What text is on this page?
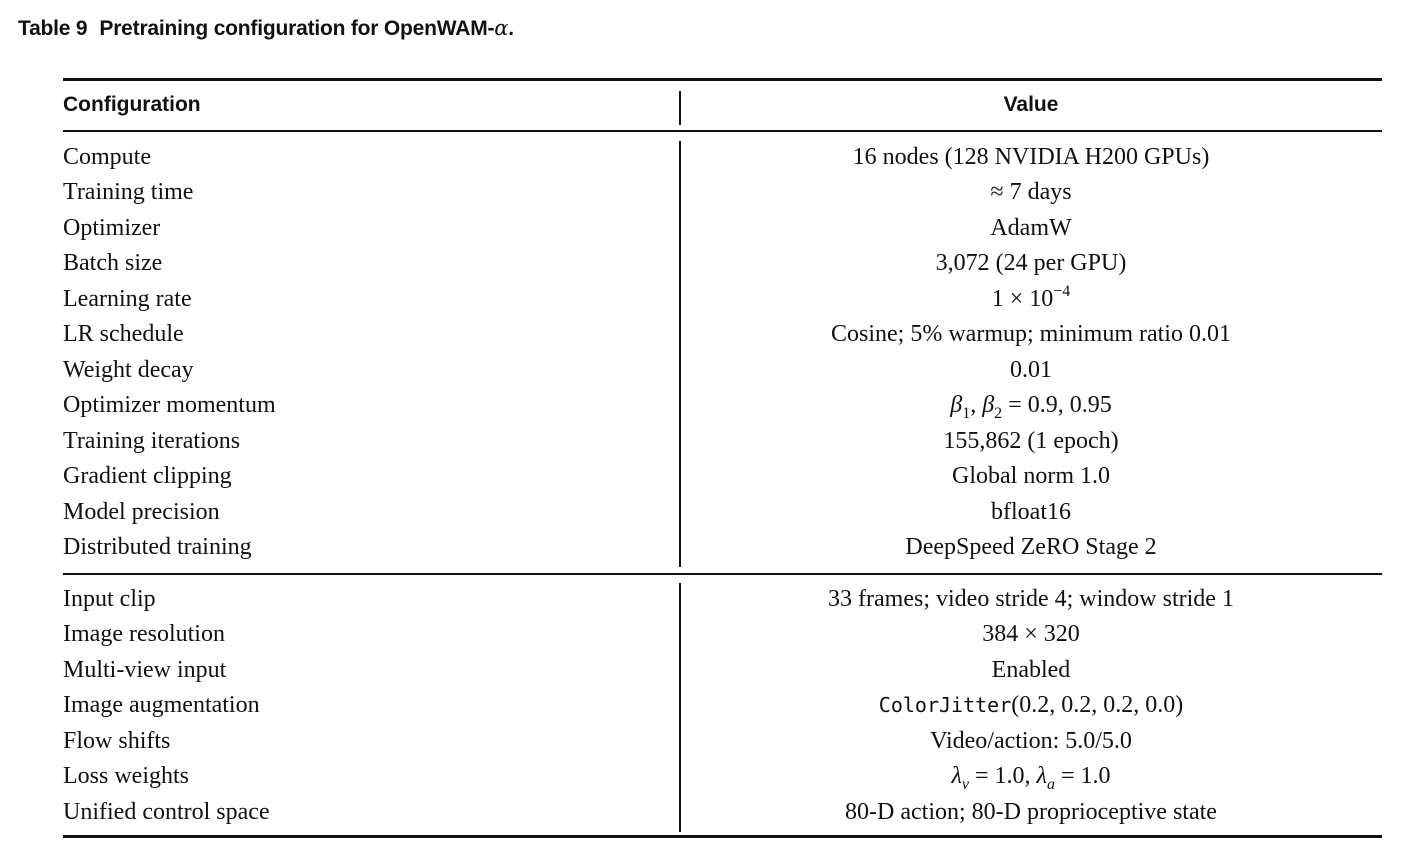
Table 9 Pretraining configuration for OpenWAM-α.
Configuration	Value
Compute	16 nodes (128 NVIDIA H200 GPUs)
Training time	≈ 7 days
Optimizer	AdamW
Batch size	3,072 (24 per GPU)
Learning rate	$1 \times 10^{-4}$
LR schedule	Cosine; 5% warmup; minimum ratio 0.01
Weight decay	0.01
Optimizer momentum	$\beta_1$, $\beta_2 = 0.9$, 0.95
Training iterations	155,862 (1 epoch)
Gradient clipping	Global norm 1.0
Model precision	bfloat16
Distributed training	DeepSpeed ZeRO Stage 2
Input clip	33 frames; video stride 4; window stride 1
Image resolution	384 × 320
Multi-view input	Enabled
Image augmentation	ColorJitter(0.2, 0.2, 0.2, 0.0)
Flow shifts	Video/action: 5.0/5.0
Loss weights	$\lambda_v = 1.0$, $\lambda_a = 1.0$
Unified control space	80-D action; 80-D proprioceptive state
